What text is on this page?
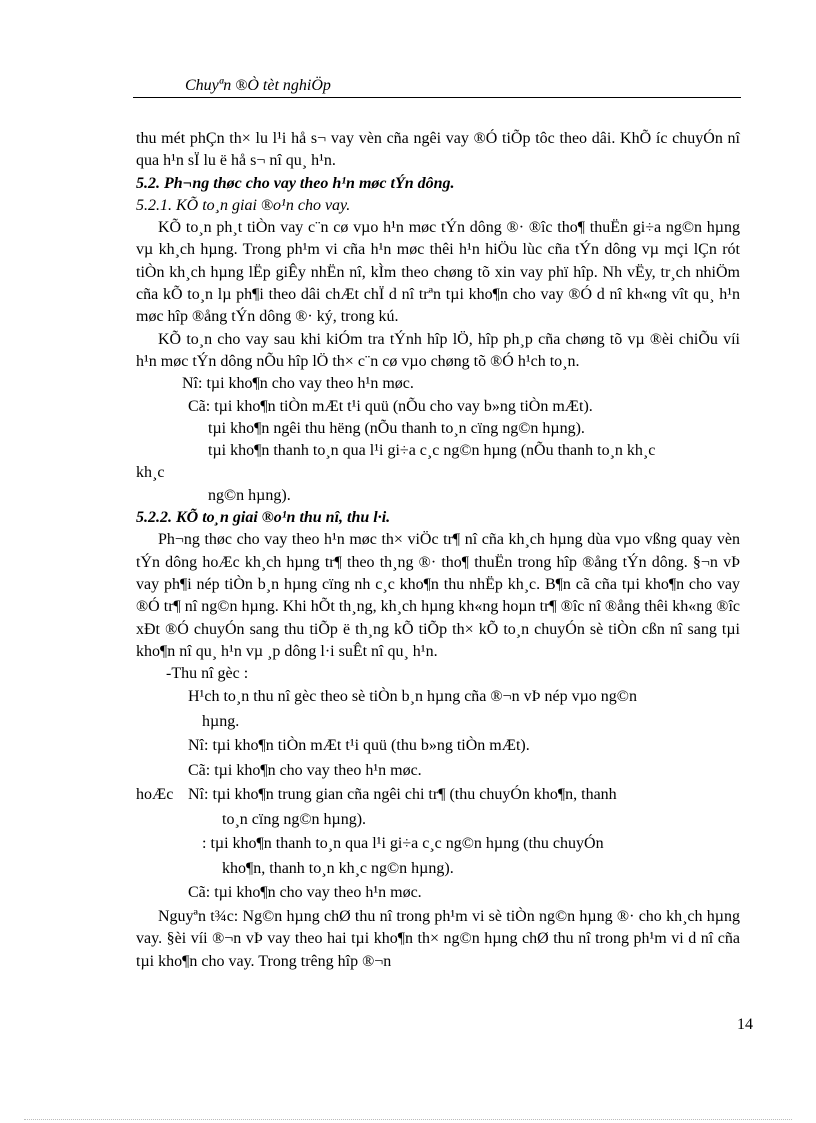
Chuyªn ®Ò tèt nghiÖp

thu mét phÇn th× lu l¹i hå s¬ vay vèn cña ngêi vay ®Ó tiÕp tôc theo dâi. KhÕ íc chuyÓn nî qua h¹n sÏ lu ë hå s¬ nî qu¸ h¹n.

5.2. Ph¬ng thøc cho vay theo h¹n møc tÝn dông.

5.2.1. KÕ to¸n giai ®o¹n cho vay.

KÕ to¸n ph¸t tiÒn vay c¨n cø vµo h¹n møc tÝn dông ®· ®îc tho¶ thuËn gi÷a ng©n hµng vµ kh¸ch hµng. Trong ph¹m vi cña h¹n møc thêi h¹n hiÖu lùc cña tÝn dông vµ mçi lÇn rót tiÒn kh¸ch hµng lËp giÊy nhËn nî, kÌm theo chøng tõ xin vay phï hîp. Nh vËy, tr¸ch nhiÖm cña kÕ to¸n lµ ph¶i theo dâi chÆt chÏ d nî trªn tµi kho¶n cho vay ®Ó d nî kh«ng vît qu¸ h¹n møc hîp ®ång tÝn dông ®· ký, trong kú.

KÕ to¸n cho vay sau khi kiÓm tra tÝnh hîp lÖ, hîp ph¸p cña chøng tõ vµ ®èi chiÕu víi h¹n møc tÝn dông nÕu hîp lÖ th× c¨n cø vµo chøng tõ ®Ó h¹ch to¸n.

Nî: tµi kho¶n cho vay theo h¹n møc.

Cã: tµi kho¶n tiÒn mÆt t¹i quü (nÕu cho vay b»ng tiÒn mÆt).

tµi kho¶n ngêi thu hëng (nÕu thanh to¸n cïng ng©n hµng).

tµi kho¶n thanh to¸n qua l¹i gi÷a c¸c ng©n hµng (nÕu thanh to¸n kh¸c

kh¸c

ng©n hµng).

5.2.2. KÕ to¸n giai ®o¹n thu nî, thu l·i.

Ph¬ng thøc cho vay theo h¹n møc th× viÖc tr¶ nî cña kh¸ch hµng dùa vµo vßng quay vèn tÝn dông hoÆc kh¸ch hµng tr¶ theo th¸ng ®· tho¶ thuËn trong hîp ®ång tÝn dông. §¬n vÞ vay ph¶i nép tiÒn b¸n hµng cïng nh c¸c kho¶n thu nhËp kh¸c. B¶n cã cña tµi kho¶n cho vay ®Ó tr¶ nî ng©n hµng. Khi hÕt th¸ng, kh¸ch hµng kh«ng hoµn tr¶ ®îc nî ®ång thêi kh«ng ®îc xÐt ®Ó chuyÓn sang thu tiÕp ë th¸ng kÕ tiÕp th× kÕ to¸n chuyÓn sè tiÒn cßn nî sang tµi kho¶n nî qu¸ h¹n vµ ¸p dông l·i suÊt nî qu¸ h¹n.

-Thu nî gèc :

H¹ch to¸n thu nî gèc theo sè tiÒn b¸n hµng cña ®¬n vÞ nép vµo ng©n

hµng.

Nî: tµi kho¶n tiÒn mÆt t¹i quü (thu b»ng tiÒn mÆt).

Cã: tµi kho¶n cho vay theo h¹n møc.

hoÆc Nî: tµi kho¶n trung gian cña ngêi chi tr¶ (thu chuyÓn kho¶n, thanh

to¸n cïng ng©n hµng).

: tµi kho¶n thanh to¸n qua l¹i gi÷a c¸c ng©n hµng (thu chuyÓn

kho¶n, thanh to¸n kh¸c ng©n hµng).

Cã: tµi kho¶n cho vay theo h¹n møc.

Nguyªn t¾c: Ng©n hµng chØ thu nî trong ph¹m vi sè tiÒn ng©n hµng ®· cho kh¸ch hµng vay. §èi víi ®¬n vÞ vay theo hai tµi kho¶n th× ng©n hµng chØ thu nî trong ph¹m vi d nî cña tµi kho¶n cho vay. Trong trêng hîp ®¬n

14
